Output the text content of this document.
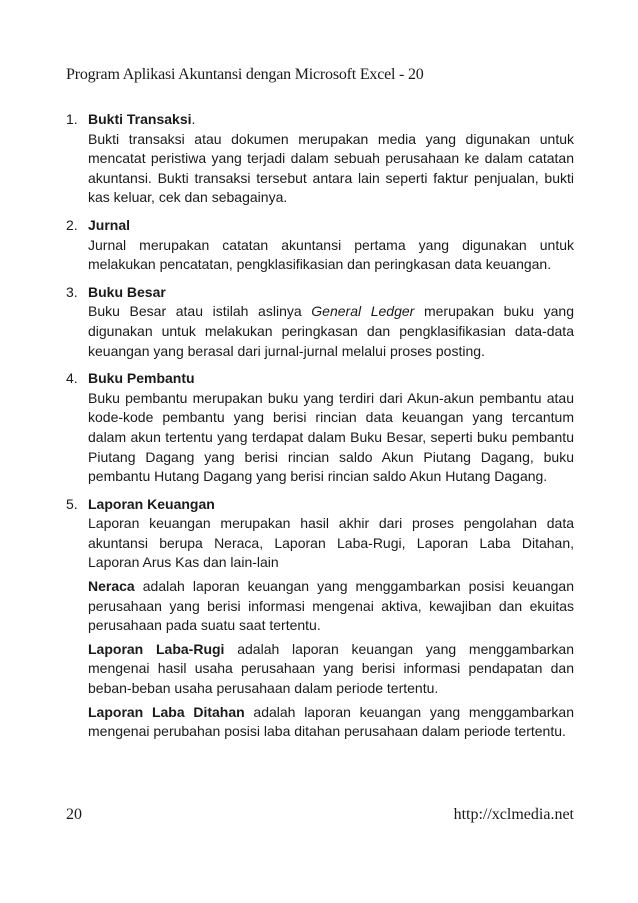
Program Aplikasi Akuntansi dengan Microsoft Excel - 20
1. Bukti Transaksi.
Bukti transaksi atau dokumen merupakan media yang digunakan untuk mencatat peristiwa yang terjadi dalam sebuah perusahaan ke dalam catatan akuntansi. Bukti transaksi tersebut antara lain seperti faktur penjualan, bukti kas keluar, cek dan sebagainya.
2. Jurnal
Jurnal merupakan catatan akuntansi pertama yang digunakan untuk melakukan pencatatan, pengklasifikasian dan peringkasan data keuangan.
3. Buku Besar
Buku Besar atau istilah aslinya General Ledger merupakan buku yang digunakan untuk melakukan peringkasan dan pengklasifikasian data-data keuangan yang berasal dari jurnal-jurnal melalui proses posting.
4. Buku Pembantu
Buku pembantu merupakan buku yang terdiri dari Akun-akun pembantu atau kode-kode pembantu yang berisi rincian data keuangan yang tercantum dalam akun tertentu yang terdapat dalam Buku Besar, seperti buku pembantu Piutang Dagang yang berisi rincian saldo Akun Piutang Dagang, buku pembantu Hutang Dagang yang berisi rincian saldo Akun Hutang Dagang.
5. Laporan Keuangan
Laporan keuangan merupakan hasil akhir dari proses pengolahan data akuntansi berupa Neraca, Laporan Laba-Rugi, Laporan Laba Ditahan, Laporan Arus Kas dan lain-lain
Neraca adalah laporan keuangan yang menggambarkan posisi keuangan perusahaan yang berisi informasi mengenai aktiva, kewajiban dan ekuitas perusahaan pada suatu saat tertentu.
Laporan Laba-Rugi adalah laporan keuangan yang menggambarkan mengenai hasil usaha perusahaan yang berisi informasi pendapatan dan beban-beban usaha perusahaan dalam periode tertentu.
Laporan Laba Ditahan adalah laporan keuangan yang menggambarkan mengenai perubahan posisi laba ditahan perusahaan dalam periode tertentu.
20	http://xclmedia.net
